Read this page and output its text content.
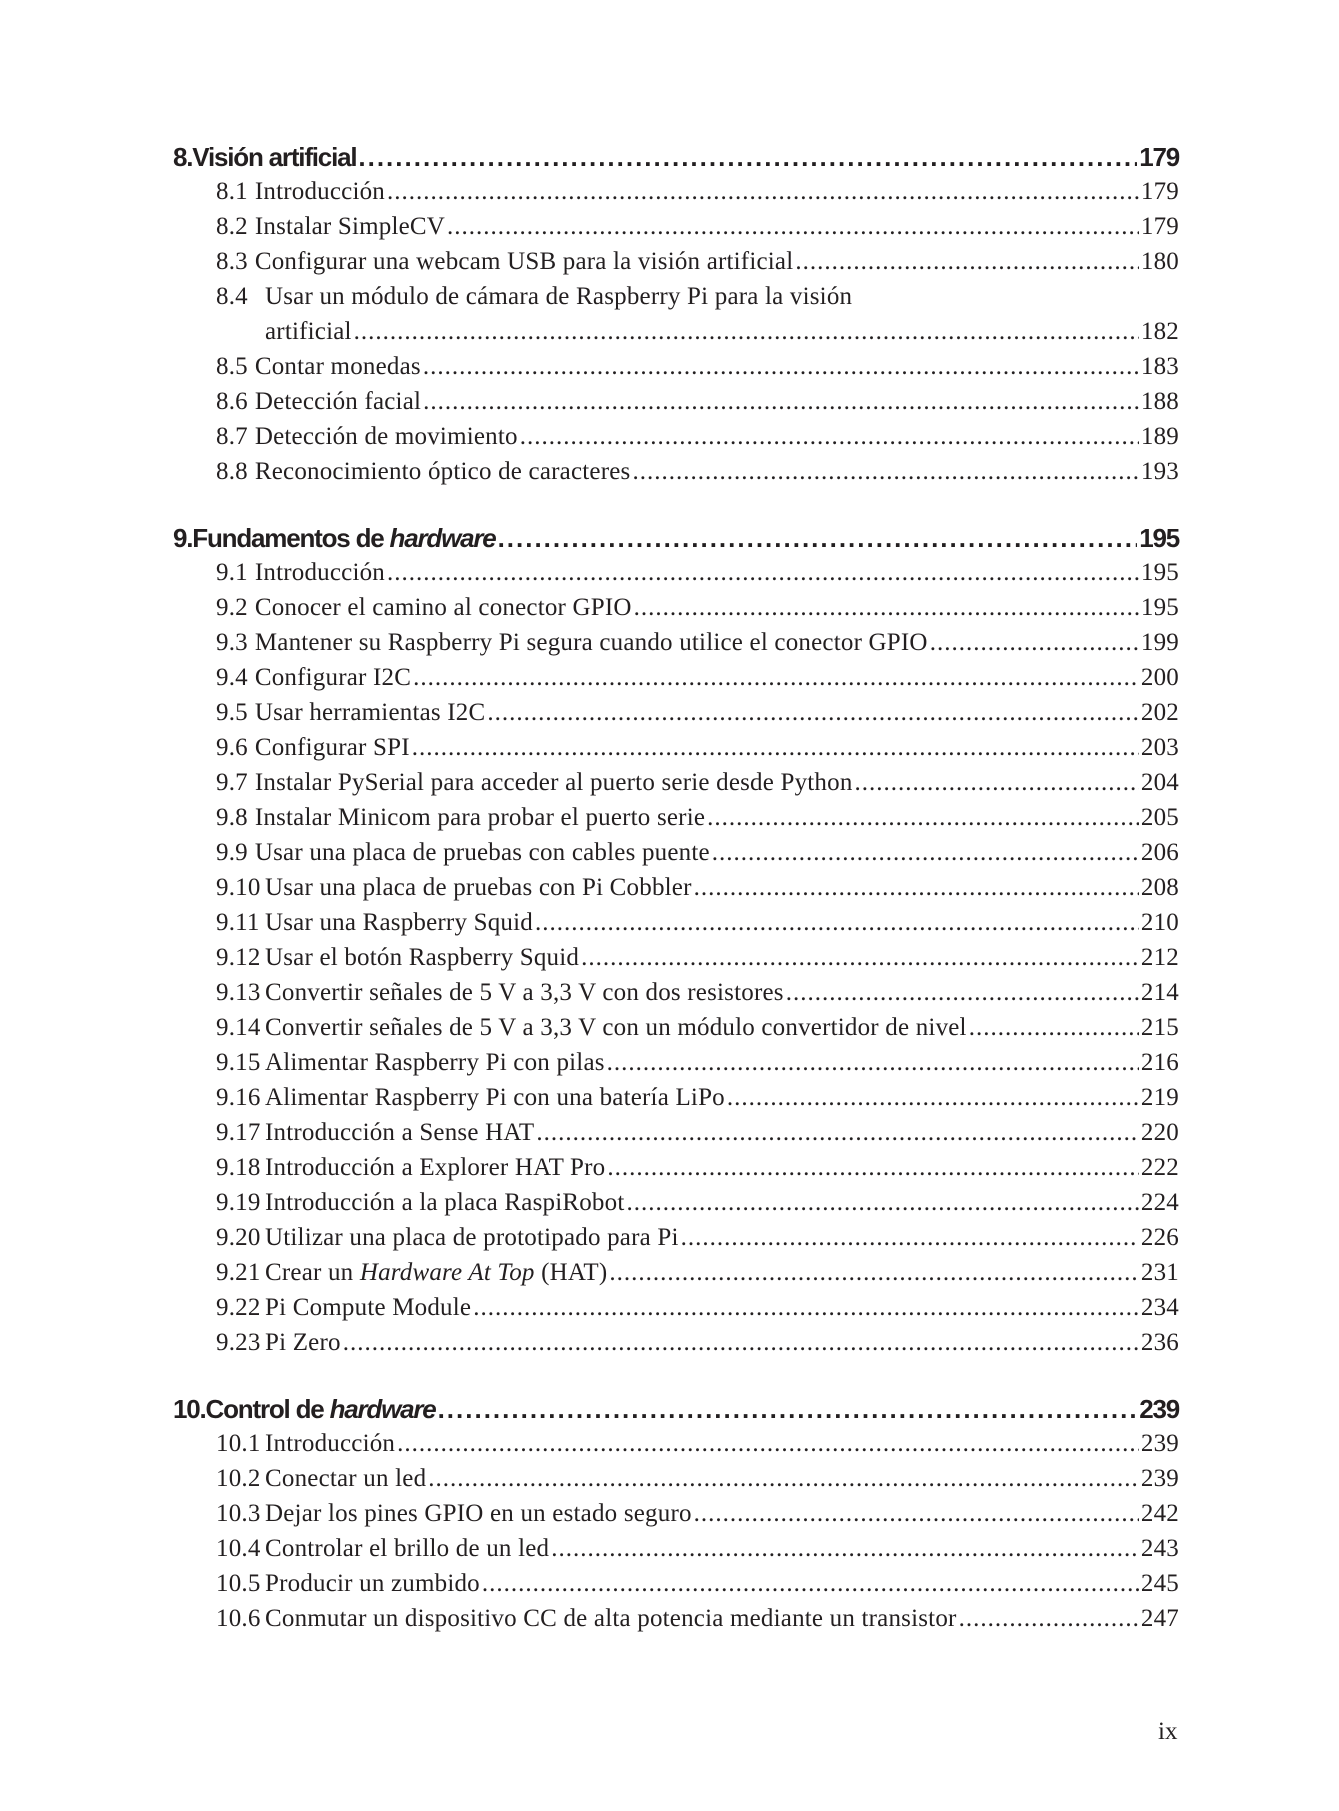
8. Visión artificial .....	179
8.1 Introducción .....	179
8.2 Instalar SimpleCV .....	179
8.3 Configurar una webcam USB para la visión artificial .....	180
8.4 Usar un módulo de cámara de Raspberry Pi para la visión
artificial .....	182
8.5 Contar monedas .....	183
8.6 Detección facial .....	188
8.7 Detección de movimiento .....	189
8.8 Reconocimiento óptico de caracteres .....	193
9. Fundamentos de hardware .....	195
9.1 Introducción .....	195
9.2 Conocer el camino al conector GPIO .....	195
9.3 Mantener su Raspberry Pi segura cuando utilice el conector GPIO .....	199
9.4 Configurar I2C .....	200
9.5 Usar herramientas I2C .....	202
9.6 Configurar SPI .....	203
9.7 Instalar PySerial para acceder al puerto serie desde Python .....	204
9.8 Instalar Minicom para probar el puerto serie .....	205
9.9 Usar una placa de pruebas con cables puente .....	206
9.10 Usar una placa de pruebas con Pi Cobbler .....	208
9.11 Usar una Raspberry Squid .....	210
9.12 Usar el botón Raspberry Squid .....	212
9.13 Convertir señales de 5 V a 3,3 V con dos resistores .....	214
9.14 Convertir señales de 5 V a 3,3 V con un módulo convertidor de nivel .....	215
9.15 Alimentar Raspberry Pi con pilas .....	216
9.16 Alimentar Raspberry Pi con una batería LiPo .....	219
9.17 Introducción a Sense HAT .....	220
9.18 Introducción a Explorer HAT Pro .....	222
9.19 Introducción a la placa RaspiRobot .....	224
9.20 Utilizar una placa de prototipado para Pi .....	226
9.21 Crear un Hardware At Top (HAT) .....	231
9.22 Pi Compute Module .....	234
9.23 Pi Zero .....	236
10. Control de hardware .....	239
10.1 Introducción .....	239
10.2 Conectar un led .....	239
10.3 Dejar los pines GPIO en un estado seguro .....	242
10.4 Controlar el brillo de un led .....	243
10.5 Producir un zumbido .....	245
10.6 Conmutar un dispositivo CC de alta potencia mediante un transistor .....	247
ix
